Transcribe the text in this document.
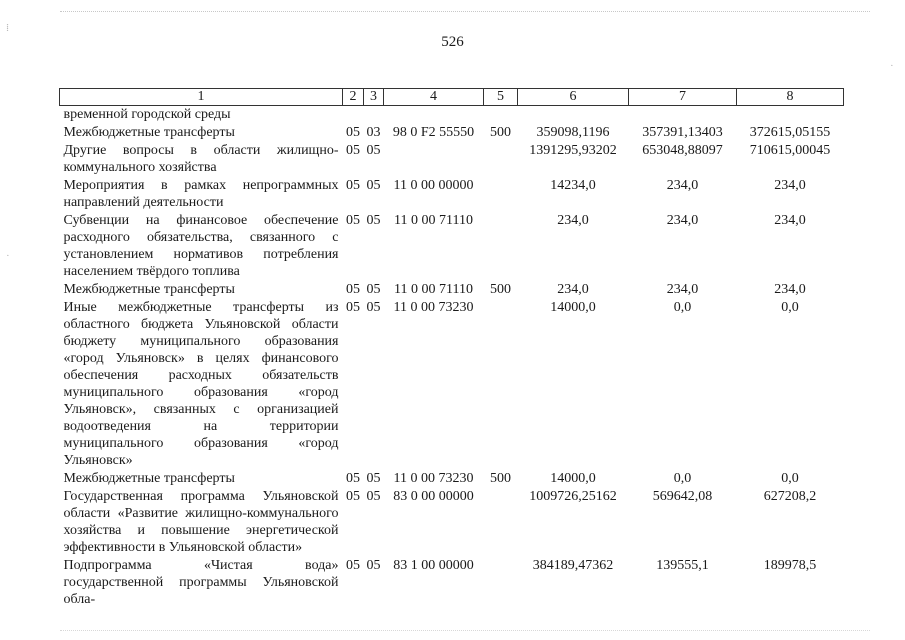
⁞
·
·
526
1	2	3	4	5	6	7	8
временной городской среды							
Межбюджетные трансферты	05	03	98 0 F2 55550	500	359098,1196	357391,13403	372615,05155
Другие вопросы в области жилищно-коммунального хозяйства	05	05			1391295,93202	653048,88097	710615,00045
Мероприятия в рамках непрограммных направлений деятельности	05	05	11 0 00 00000		14234,0	234,0	234,0
Субвенции на финансовое обеспечение расходного обязательства, связанного с установлением нормативов потребления населением твёрдого топлива	05	05	11 0 00 71110		234,0	234,0	234,0
Межбюджетные трансферты	05	05	11 0 00 71110	500	234,0	234,0	234,0
Иные межбюджетные трансферты из областного бюджета Ульяновской области бюджету муниципального образования «город Ульяновск» в целях финансового обеспечения расходных обязательств муниципального образования «город Ульяновск», связанных с организацией водоотведения на территории муниципального образования «город Ульяновск»	05	05	11 0 00 73230		14000,0	0,0	0,0
Межбюджетные трансферты	05	05	11 0 00 73230	500	14000,0	0,0	0,0
Государственная программа Ульяновской области «Развитие жилищно-коммунального хозяйства и повышение энергетической эффективности в Ульяновской области»	05	05	83 0 00 00000		1009726,25162	569642,08	627208,2
Подпрограмма «Чистая вода» государственной программы Ульяновской обла-	05	05	83 1 00 00000		384189,47362	139555,1	189978,5
